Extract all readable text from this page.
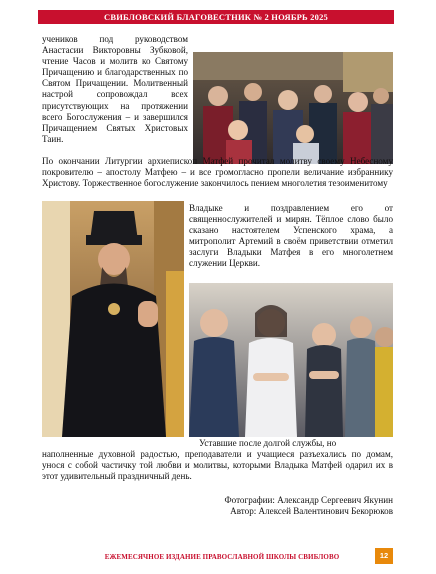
СВИБЛОВСКИЙ БЛАГОВЕСТНИК № 2 НОЯБРЬ 2025

учеников под руководством Анастасии Викторовны Зубковой, чтение Часов и молитв ко Святому Причащению и благодарственных по Святом Причащении. Молитвенный настрой сопровождал всех присутствующих на протяжении всего Богослужения – и завершился Причащением Святых Христовых Таин.

По окончании Литургии архиепископ Матфей прочитал молитву своему Небесному покровителю – апостолу Матфею – и все громогласно пропели величание избраннику Христову. Торжественное богослужение закончилось пением многолетия тезоименитому

Владыке и поздравлением его от священнослужителей и мирян. Тёплое слово было сказано настоятелем Успенского храма, а митрополит Артемий в своём приветствии отметил заслуги Владыки Матфея в его многолетнем служении Церкви.

Уставшие после долгой службы, но

наполненные духовной радостью, преподаватели и учащиеся разъехались по домам, унося с собой частичку той любви и молитвы, которыми Владыка Матфей одарил их в этот удивительный праздничный день.

Фотографии: Александр Сергеевич Якунин
Автор: Алексей Валентинович Бекорюков
ЕЖЕМЕСЯЧНОЕ ИЗДАНИЕ ПРАВОСЛАВНОЙ ШКОЛЫ СВИБЛОВО	12
